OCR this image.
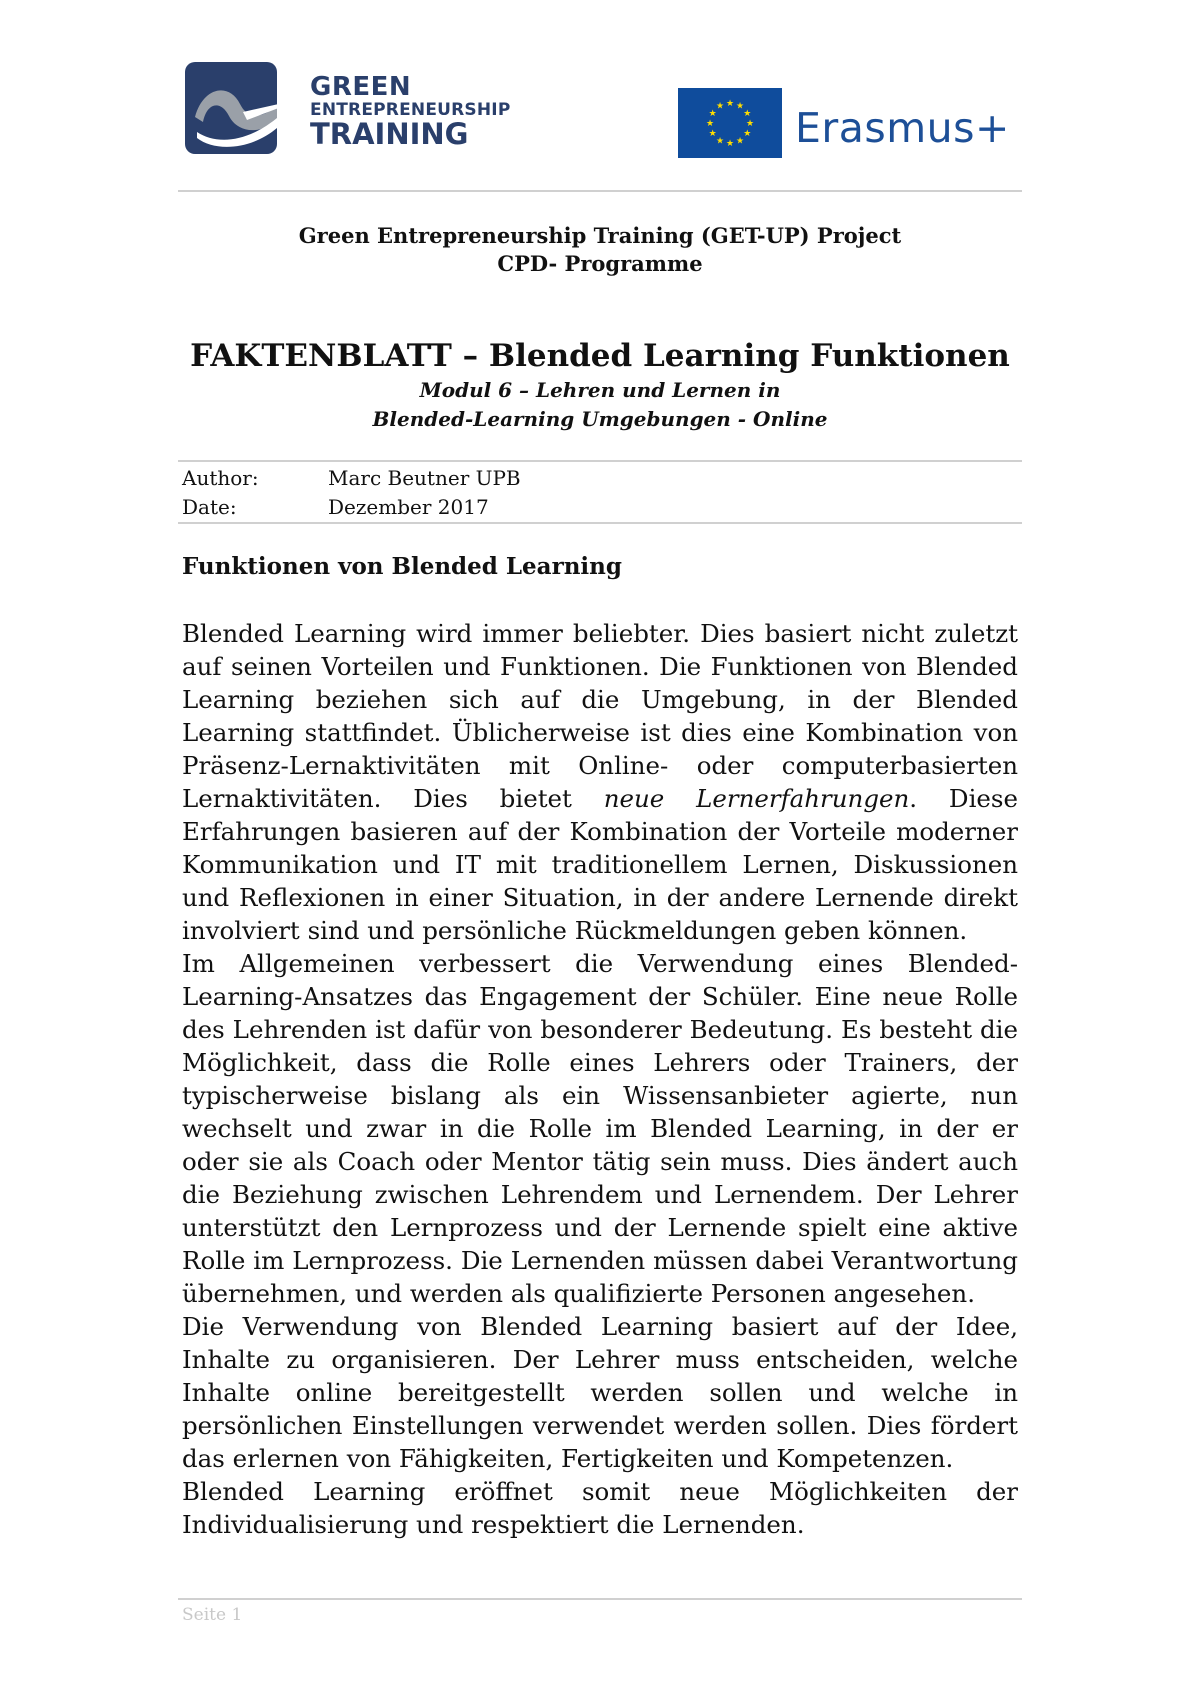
GREEN
ENTREPRENEURSHIP
TRAINING
★ ★
★
★
★
★
★
★
★
★
★
★ Erasmus+
Green Entrepreneurship Training (GET-UP) Project
CPD- Programme
FAKTENBLATT – Blended Learning Funktionen
Modul 6 – Lehren und Lernen in
Blended-Learning Umgebungen - Online
Author:	Marc Beutner UPB
Date:	Dezember 2017
Funktionen von Blended Learning

Blended Learning wird immer beliebter. Dies basiert nicht zuletzt auf seinen Vorteilen und Funktionen. Die Funktionen von Blended Learning beziehen sich auf die Umgebung, in der Blended Learning stattfindet. Üblicherweise ist dies eine Kombination von Präsenz-Lernaktivitäten mit Online- oder computerbasierten Lernaktivitäten. Dies bietet neue Lernerfahrungen. Diese Erfahrungen basieren auf der Kombination der Vorteile moderner Kommunikation und IT mit traditionellem Lernen, Diskussionen und Reflexionen in einer Situation, in der andere Lernende direkt involviert sind und persönliche Rückmeldungen geben können.

Im Allgemeinen verbessert die Verwendung eines Blended-Learning-Ansatzes das Engagement der Schüler. Eine neue Rolle des Lehrenden ist dafür von besonderer Bedeutung. Es besteht die Möglichkeit, dass die Rolle eines Lehrers oder Trainers, der typischerweise bislang als ein Wissensanbieter agierte, nun wechselt und zwar in die Rolle im Blended Learning, in der er oder sie als Coach oder Mentor tätig sein muss. Dies ändert auch die Beziehung zwischen Lehrendem und Lernendem. Der Lehrer unterstützt den Lernprozess und der Lernende spielt eine aktive Rolle im Lernprozess. Die Lernenden müssen dabei Verantwortung übernehmen, und werden als qualifizierte Personen angesehen.

Die Verwendung von Blended Learning basiert auf der Idee, Inhalte zu organisieren. Der Lehrer muss entscheiden, welche Inhalte online bereitgestellt werden sollen und welche in persönlichen Einstellungen verwendet werden sollen. Dies fördert das erlernen von Fähigkeiten, Fertigkeiten und Kompetenzen.

Blended Learning eröffnet somit neue Möglichkeiten der Individualisierung und respektiert die Lernenden.

Seite 1
